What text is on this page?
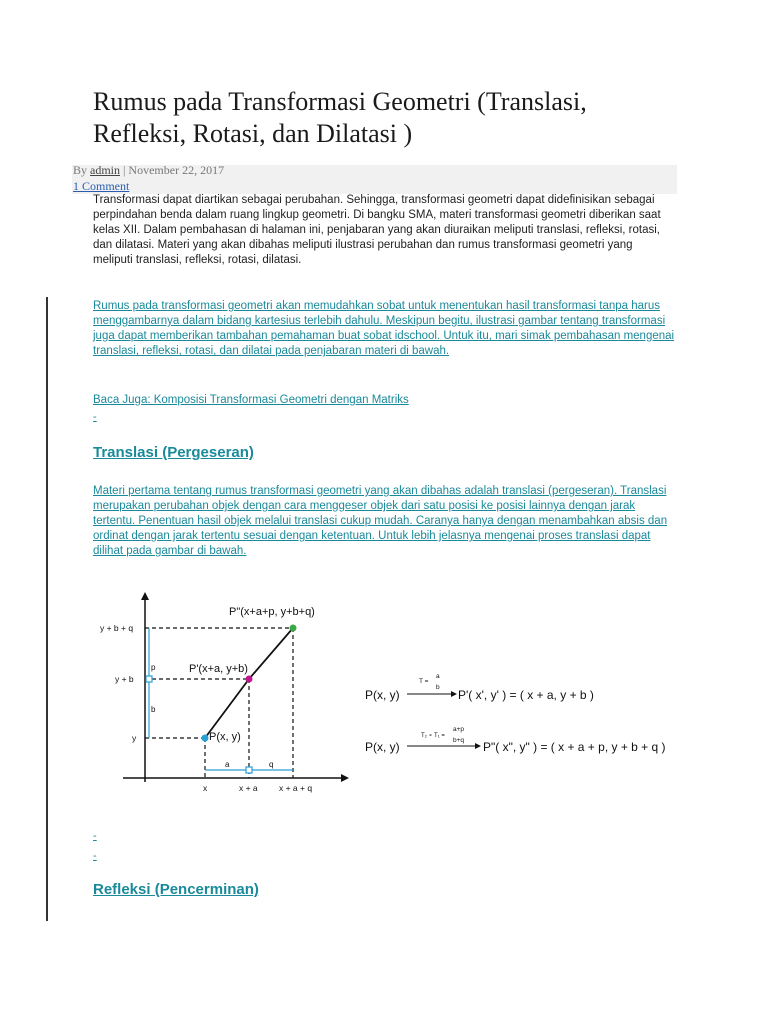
Rumus pada Transformasi Geometri (Translasi, Refleksi, Rotasi, dan Dilatasi )
By admin | November 22, 2017
1 Comment

Transformasi dapat diartikan sebagai perubahan. Sehingga, transformasi geometri dapat didefinisikan sebagai perpindahan benda dalam ruang lingkup geometri. Di bangku SMA, materi transformasi geometri diberikan saat kelas XII. Dalam pembahasan di halaman ini, penjabaran yang akan diuraikan meliputi translasi, refleksi, rotasi, dan dilatasi. Materi yang akan dibahas meliputi ilustrasi perubahan dan rumus transformasi geometri yang meliputi translasi, refleksi, rotasi, dilatasi.

Rumus pada transformasi geometri akan memudahkan sobat untuk menentukan hasil transformasi tanpa harus menggambarnya dalam bidang kartesius terlebih dahulu. Meskipun begitu, ilustrasi gambar tentang transformasi juga dapat memberikan tambahan pemahaman buat sobat idschool. Untuk itu, mari simak pembahasan mengenai translasi, refleksi, rotasi, dan dilatai pada penjabaran materi di bawah.

Baca Juga: Komposisi Transformasi Geometri dengan Matriks

-
Translasi (Pergeseran)

Materi pertama tentang rumus transformasi geometri yang akan dibahas adalah translasi (pergeseran). Translasi merupakan perubahan objek dengan cara menggeser objek dari satu posisi ke posisi lainnya dengan jarak tertentu. Penentuan hasil objek melalui translasi cukup mudah. Caranya hanya dengan menambahkan absis dan ordinat dengan jarak tertentu sesuai dengan ketentuan. Untuk lebih jelasnya mengenai proses translasi dapat dilihat pada gambar di bawah.

P"(x+a+p, y+b+q)
P'(x+a, y+b)
P(x, y)
y + b + q
y + b
y
x	x + a	x + a + q
p
b
a	q
P(x, y)
T =
a
b
P'( x', y' ) = ( x + a, y + b )
P(x, y)
T₂ ∘ T₁ =
a+p
b+q P"( x", y" ) = ( x + a + p, y + b + q )
-
-
Refleksi (Pencerminan)
